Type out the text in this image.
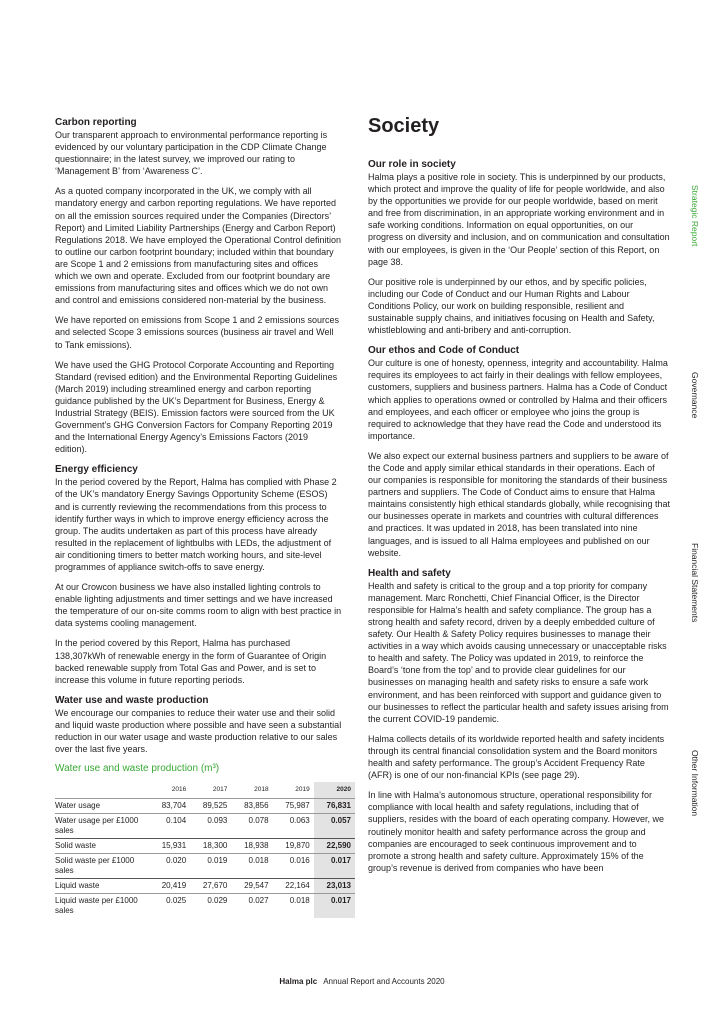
Carbon reporting

Our transparent approach to environmental performance reporting is evidenced by our voluntary participation in the CDP Climate Change questionnaire; in the latest survey, we improved our rating to ‘Management B’ from ‘Awareness C’.

As a quoted company incorporated in the UK, we comply with all mandatory energy and carbon reporting regulations. We have reported on all the emission sources required under the Companies (Directors’ Report) and Limited Liability Partnerships (Energy and Carbon Report) Regulations 2018. We have employed the Operational Control definition to outline our carbon footprint boundary; included within that boundary are Scope 1 and 2 emissions from manufacturing sites and offices which we own and operate. Excluded from our footprint boundary are emissions from manufacturing sites and offices which we do not own and control and emissions considered non-material by the business.

We have reported on emissions from Scope 1 and 2 emissions sources and selected Scope 3 emissions sources (business air travel and Well to Tank emissions).

We have used the GHG Protocol Corporate Accounting and Reporting Standard (revised edition) and the Environmental Reporting Guidelines (March 2019) including streamlined energy and carbon reporting guidance published by the UK’s Department for Business, Energy & Industrial Strategy (BEIS). Emission factors were sourced from the UK Government’s GHG Conversion Factors for Company Reporting 2019 and the International Energy Agency’s Emissions Factors (2019 edition).

Energy efficiency

In the period covered by the Report, Halma has complied with Phase 2 of the UK’s mandatory Energy Savings Opportunity Scheme (ESOS) and is currently reviewing the recommendations from this process to identify further ways in which to improve energy efficiency across the group. The audits undertaken as part of this process have already resulted in the replacement of lightbulbs with LEDs, the adjustment of air conditioning timers to better match working hours, and site-level programmes of appliance switch-offs to save energy.

At our Crowcon business we have also installed lighting controls to enable lighting adjustments and timer settings and we have increased the temperature of our on-site comms room to align with best practice in data systems cooling management.

In the period covered by this Report, Halma has purchased 138,307kWh of renewable energy in the form of Guarantee of Origin backed renewable supply from Total Gas and Power, and is set to increase this volume in future reporting periods.

Water use and waste production

We encourage our companies to reduce their water use and their solid and liquid waste production where possible and have seen a substantial reduction in our water usage and waste production relative to our sales over the last five years.

Water use and waste production (m³)
	2016	2017	2018	2019	2020
Water usage	83,704	89,525	83,856	75,987	76,831
Water usage per £1000 sales	0.104	0.093	0.078	0.063	0.057
Solid waste	15,931	18,300	18,938	19,870	22,590
Solid waste per £1000 sales	0.020	0.019	0.018	0.016	0.017
Liquid waste	20,419	27,670	29,547	22,164	23,013
Liquid waste per £1000 sales	0.025	0.029	0.027	0.018	0.017
Society
Our role in society

Halma plays a positive role in society. This is underpinned by our products, which protect and improve the quality of life for people worldwide, and also by the opportunities we provide for our people worldwide, based on merit and free from discrimination, in an appropriate working environment and in safe working conditions. Information on equal opportunities, on our progress on diversity and inclusion, and on communication and consultation with our employees, is given in the ‘Our People’ section of this Report, on page 38.

Our positive role is underpinned by our ethos, and by specific policies, including our Code of Conduct and our Human Rights and Labour Conditions Policy, our work on building responsible, resilient and sustainable supply chains, and initiatives focusing on Health and Safety, whistleblowing and anti-bribery and anti-corruption.

Our ethos and Code of Conduct

Our culture is one of honesty, openness, integrity and accountability. Halma requires its employees to act fairly in their dealings with fellow employees, customers, suppliers and business partners. Halma has a Code of Conduct which applies to operations owned or controlled by Halma and their officers and employees, and each officer or employee who joins the group is required to acknowledge that they have read the Code and understood its importance.

We also expect our external business partners and suppliers to be aware of the Code and apply similar ethical standards in their operations. Each of our companies is responsible for monitoring the standards of their business partners and suppliers. The Code of Conduct aims to ensure that Halma maintains consistently high ethical standards globally, while recognising that our businesses operate in markets and countries with cultural differences and practices. It was updated in 2018, has been translated into nine languages, and is issued to all Halma employees and published on our website.

Health and safety

Health and safety is critical to the group and a top priority for company management. Marc Ronchetti, Chief Financial Officer, is the Director responsible for Halma’s health and safety compliance. The group has a strong health and safety record, driven by a deeply embedded culture of safety. Our Health & Safety Policy requires businesses to manage their activities in a way which avoids causing unnecessary or unacceptable risks to health and safety. The Policy was updated in 2019, to reinforce the Board’s ‘tone from the top’ and to provide clear guidelines for our businesses on managing health and safety risks to ensure a safe work environment, and has been reinforced with support and guidance given to our businesses to reflect the particular health and safety issues arising from the current COVID-19 pandemic.

Halma collects details of its worldwide reported health and safety incidents through its central financial consolidation system and the Board monitors health and safety performance. The group’s Accident Frequency Rate (AFR) is one of our non-financial KPIs (see page 29).

In line with Halma’s autonomous structure, operational responsibility for compliance with local health and safety regulations, including that of suppliers, resides with the board of each operating company. However, we routinely monitor health and safety performance across the group and companies are encouraged to seek continuous improvement and to promote a strong health and safety culture. Approximately 15% of the group’s revenue is derived from companies who have been

Strategic Report
Governance
Financial Statements
Other Information
Halma plc Annual Report and Accounts 2020
